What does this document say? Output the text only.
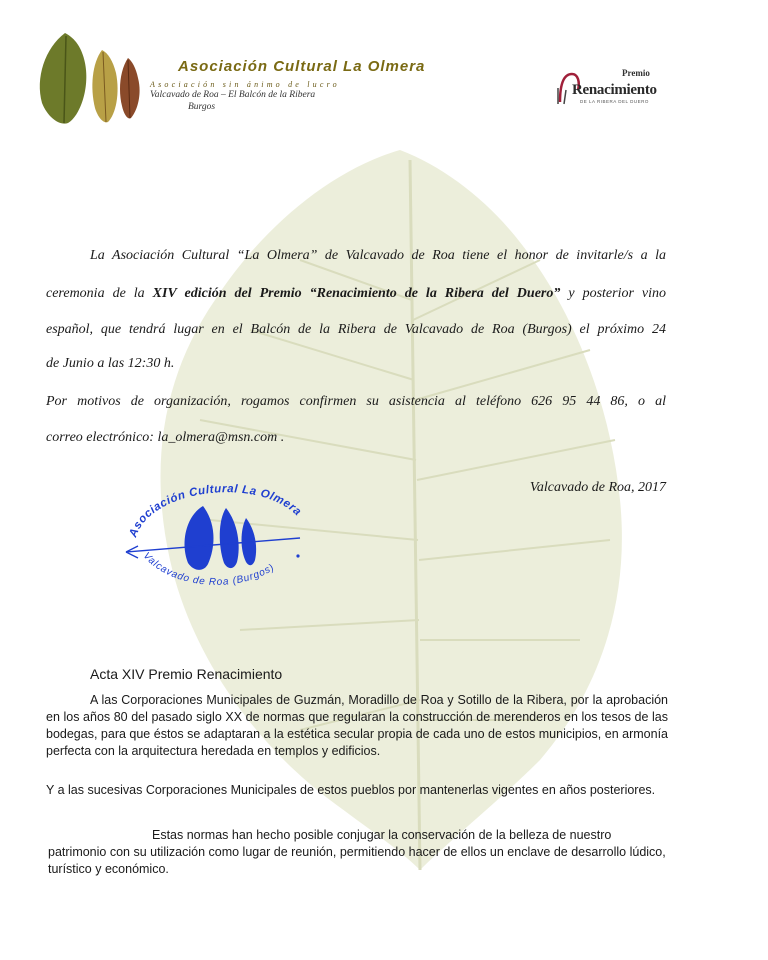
Asociación Cultural La Olmera
Asociación sin ánimo de lucro
Valcavado de Roa – El Balcón de la Ribera
Burgos
Premio
Renacimiento
DE LA RIBERA DEL DUERO

La Asociación Cultural “La Olmera” de Valcavado de Roa tiene el honor de invitarle/s a la

ceremonia de la XIV edición del Premio “Renacimiento de la Ribera del Duero” y posterior vino

español, que tendrá lugar en el Balcón de la Ribera de Valcavado de Roa (Burgos) el próximo 24

de Junio a las 12:30 h.

Por motivos de organización, rogamos confirmen su asistencia al teléfono 626 95 44 86, o al

correo electrónico: la_olmera@msn.com .

Valcavado de Roa, 2017
Asociación Cultural La Olmera
Valcavado de Roa (Burgos)
Acta XIV Premio Renacimiento

A las Corporaciones Municipales de Guzmán, Moradillo de Roa y Sotillo de la Ribera, por la aprobación en los años 80 del pasado siglo XX de normas que regularan la construcción de merenderos en los tesos de las bodegas, para que éstos se adaptaran a la estética secular propia de cada uno de estos municipios, en armonía perfecta con la arquitectura heredada en templos y edificios.

Y a las sucesivas Corporaciones Municipales de estos pueblos por mantenerlas vigentes en años posteriores.

Estas normas han hecho posible conjugar la conservación de la belleza de nuestro patrimonio con su utilización como lugar de reunión, permitiendo hacer de ellos un enclave de desarrollo lúdico, turístico y económico.
